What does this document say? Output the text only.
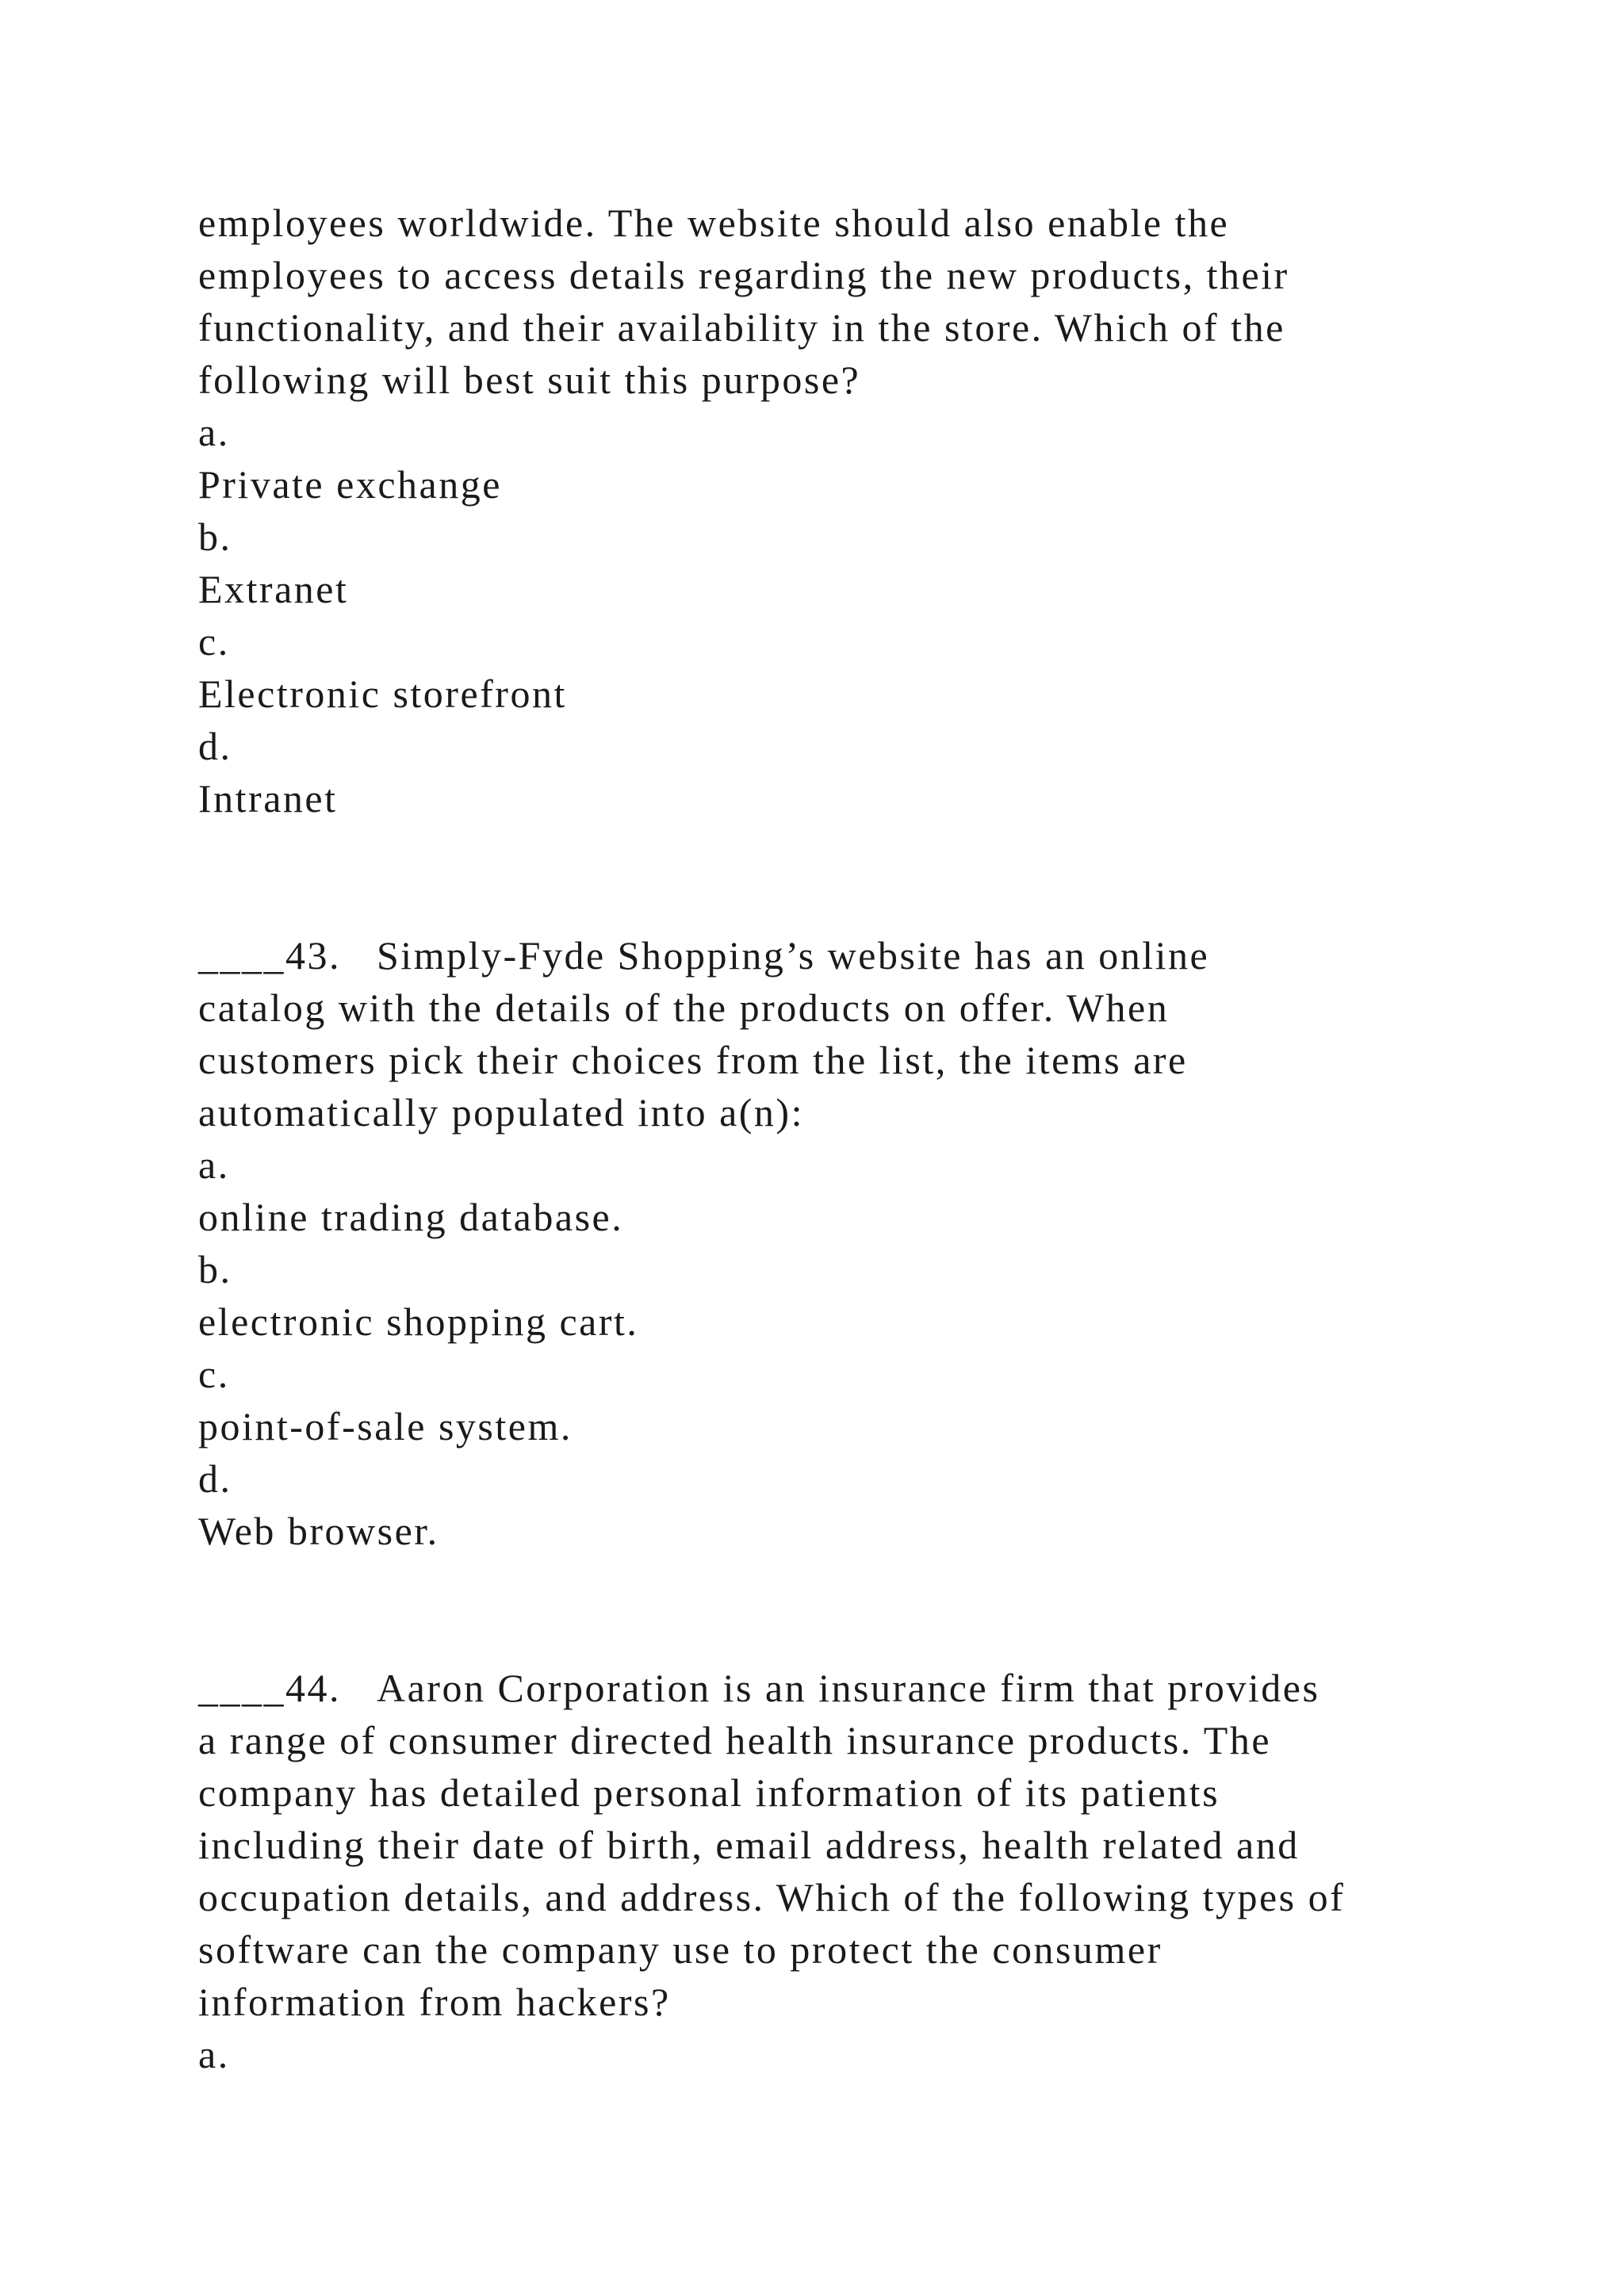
employees worldwide. The website should also enable the
employees to access details regarding the new products, their
functionality, and their availability in the store. Which of the
following will best suit this purpose?
a.
Private exchange
b.
Extranet
c.
Electronic storefront
d.
Intranet
____43. Simply-Fyde Shopping’s website has an online
catalog with the details of the products on offer. When
customers pick their choices from the list, the items are
automatically populated into a(n):
a.
online trading database.
b.
electronic shopping cart.
c.
point-of-sale system.
d.
Web browser.
____44. Aaron Corporation is an insurance firm that provides
a range of consumer directed health insurance products. The
company has detailed personal information of its patients
including their date of birth, email address, health related and
occupation details, and address. Which of the following types of
software can the company use to protect the consumer
information from hackers?
a.
